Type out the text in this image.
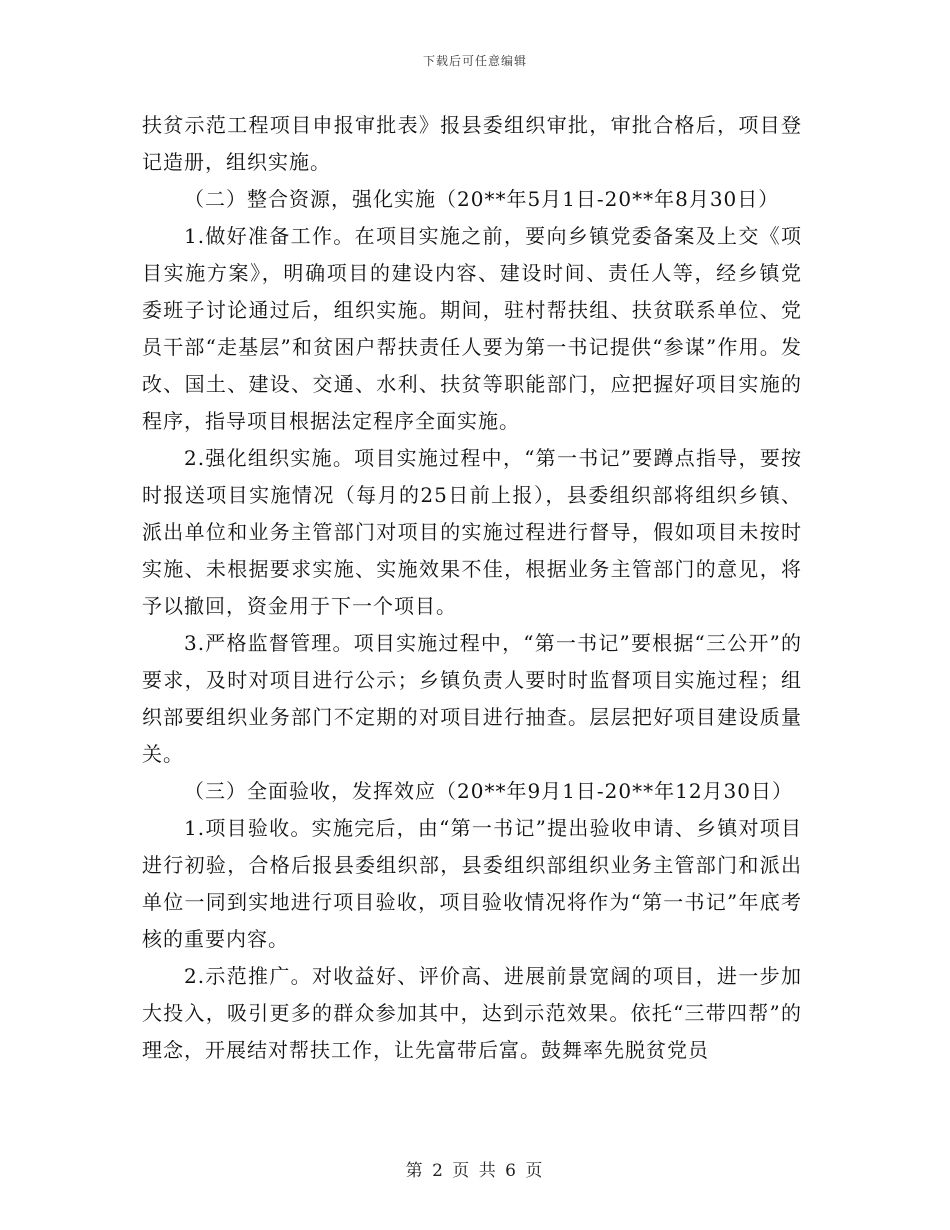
下载后可任意编辑

扶贫示范工程项目申报审批表》报县委组织审批，审批合格后，项目登记造册，组织实施。

（二）整合资源，强化实施（20**年5月1日-20**年8月30日）

1.做好准备工作。在项目实施之前，要向乡镇党委备案及上交《项目实施方案》，明确项目的建设内容、建设时间、责任人等，经乡镇党委班子讨论通过后，组织实施。期间，驻村帮扶组、扶贫联系单位、党员干部“走基层”和贫困户帮扶责任人要为第一书记提供“参谋”作用。发改、国土、建设、交通、水利、扶贫等职能部门，应把握好项目实施的程序，指导项目根据法定程序全面实施。

2.强化组织实施。项目实施过程中，“第一书记”要蹲点指导，要按时报送项目实施情况（每月的25日前上报），县委组织部将组织乡镇、派出单位和业务主管部门对项目的实施过程进行督导，假如项目未按时实施、未根据要求实施、实施效果不佳，根据业务主管部门的意见，将予以撤回，资金用于下一个项目。

3.严格监督管理。项目实施过程中，“第一书记”要根据“三公开”的要求，及时对项目进行公示；乡镇负责人要时时监督项目实施过程；组织部要组织业务部门不定期的对项目进行抽查。层层把好项目建设质量关。

（三）全面验收，发挥效应（20**年9月1日-20**年12月30日）

1.项目验收。实施完后，由“第一书记”提出验收申请、乡镇对项目进行初验，合格后报县委组织部，县委组织部组织业务主管部门和派出单位一同到实地进行项目验收，项目验收情况将作为“第一书记”年底考核的重要内容。

2.示范推广。对收益好、评价高、进展前景宽阔的项目，进一步加大投入，吸引更多的群众参加其中，达到示范效果。依托“三带四帮”的理念，开展结对帮扶工作，让先富带后富。鼓舞率先脱贫党员

第 2 页 共 6 页
